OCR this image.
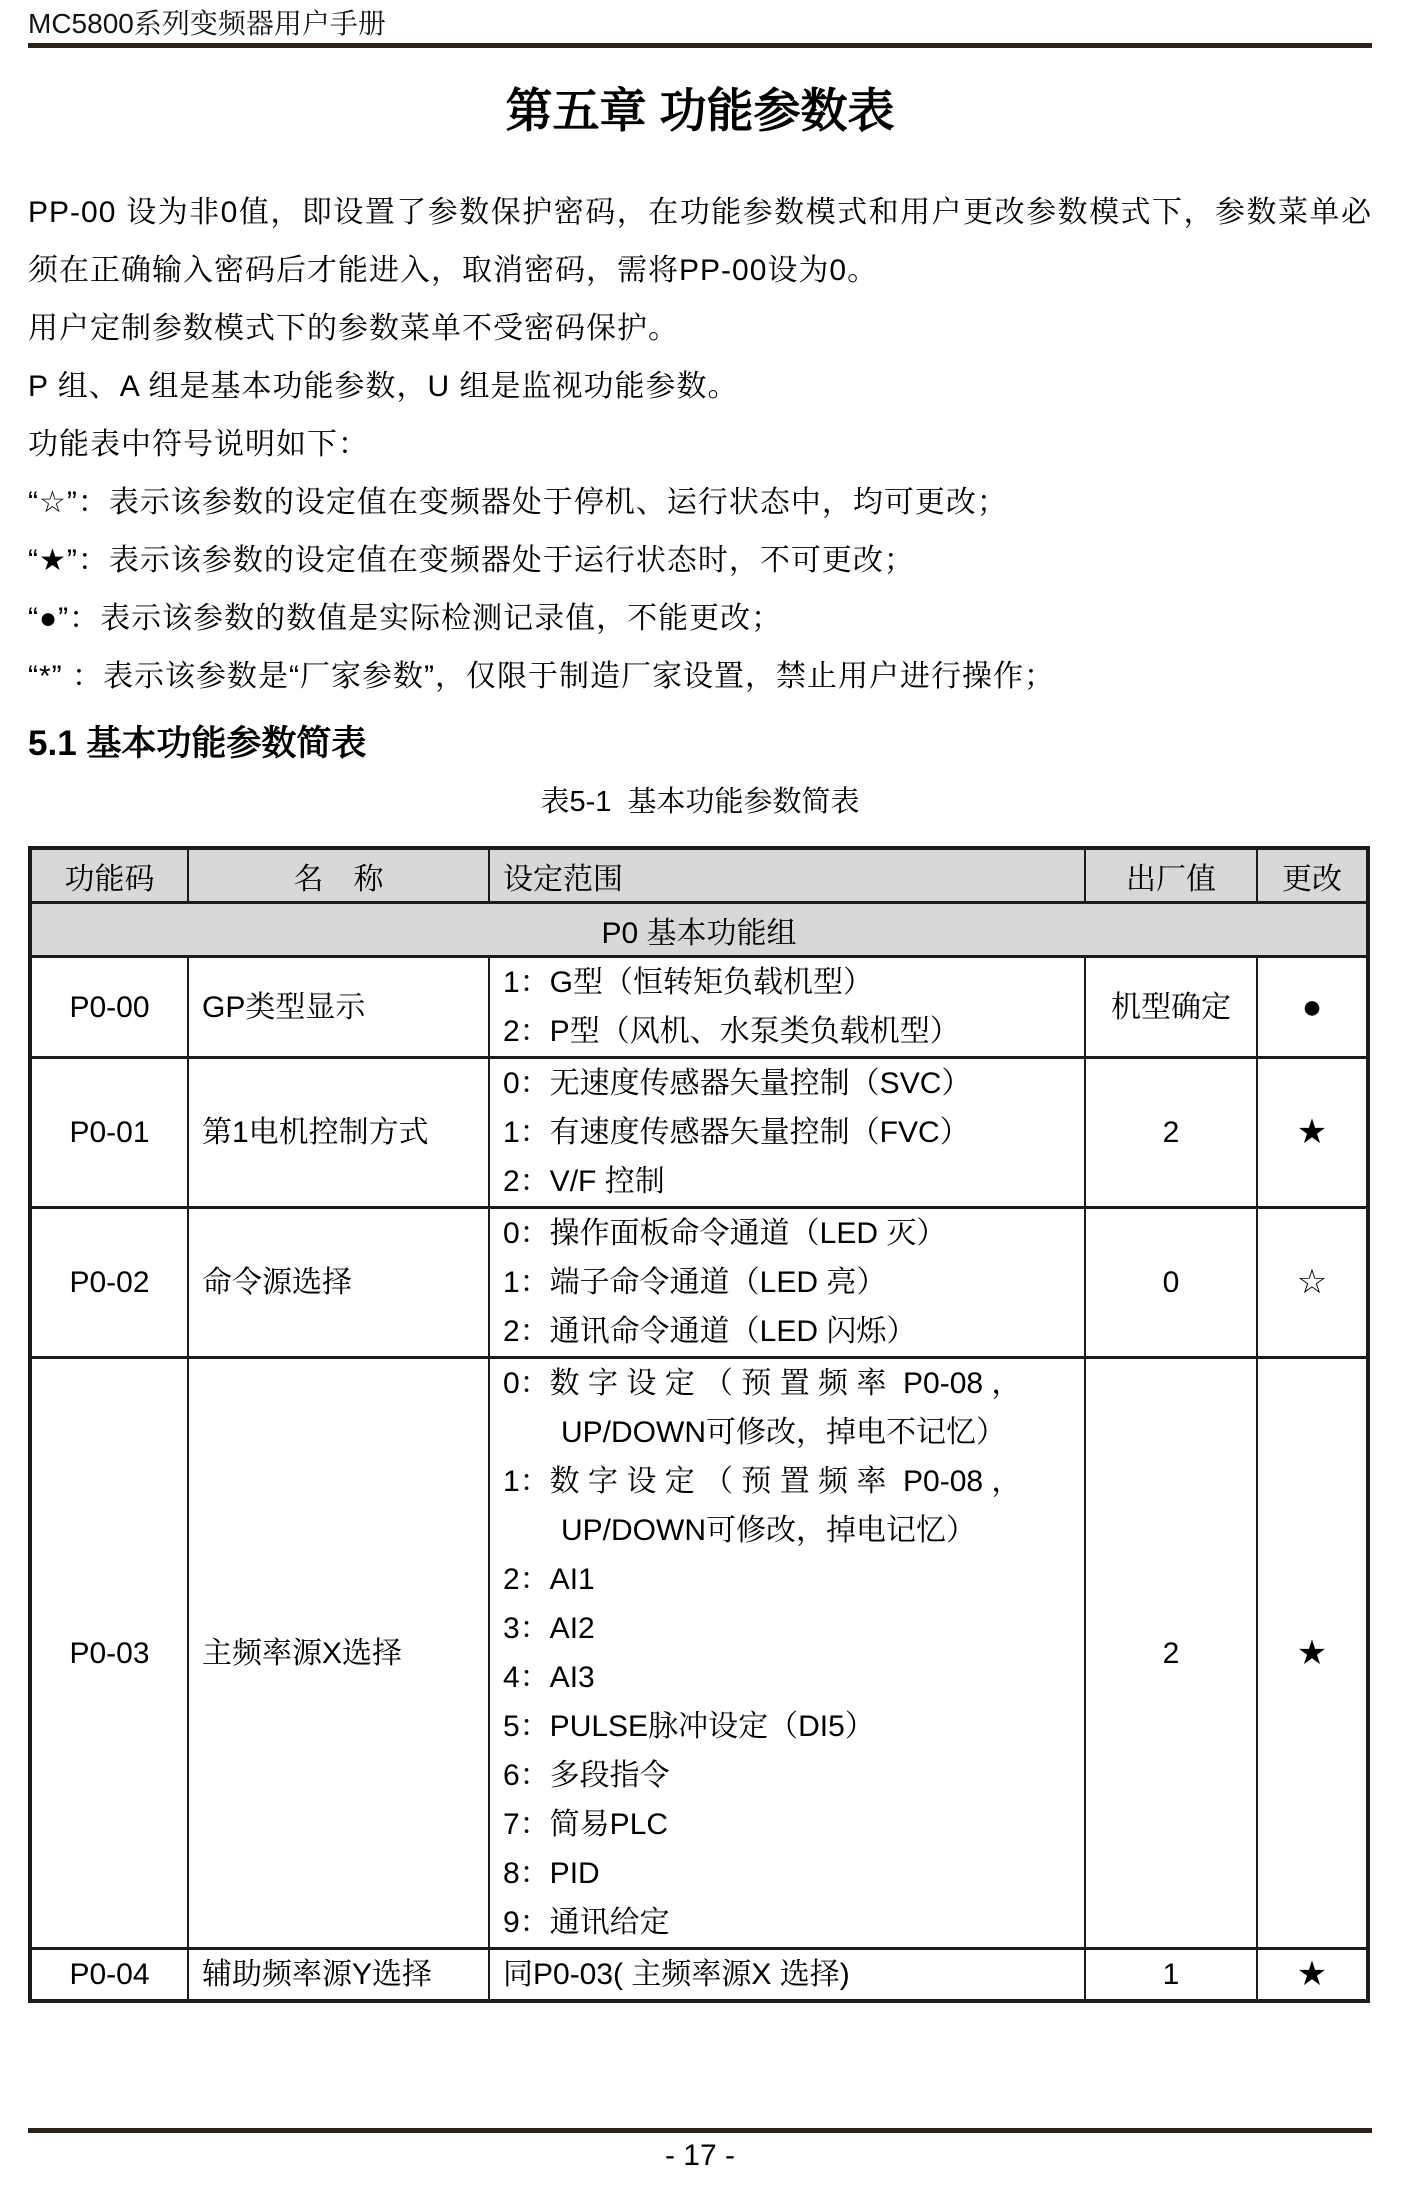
MC5800系列变频器用户手册
第五章 功能参数表

PP-00 设为非0值，即设置了参数保护密码，在功能参数模式和用户更改参数模式下，参数菜单必须在正确输入密码后才能进入，取消密码，需将PP-00设为0。

用户定制参数模式下的参数菜单不受密码保护。

P 组、A 组是基本功能参数，U 组是监视功能参数。

功能表中符号说明如下：

“☆”：表示该参数的设定值在变频器处于停机、运行状态中，均可更改；

“★”：表示该参数的设定值在变频器处于运行状态时，不可更改；

“●”：表示该参数的数值是实际检测记录值，不能更改；

“*” ：表示该参数是“厂家参数”，仅限于制造厂家设置，禁止用户进行操作；

5.1 基本功能参数简表
表5-1  基本功能参数简表
功能码	名　称	设定范围	出厂值	更改
P0 基本功能组				
P0-00	GP类型显示	1：G型（恒转矩负载机型）
2：P型（风机、水泵类负载机型）	机型确定	●
P0-01	第1电机控制方式	0：无速度传感器矢量控制（SVC）
1：有速度传感器矢量控制（FVC）
2：V/F 控制	2	★
P0-02	命令源选择	0：操作面板命令通道（LED 灭）
1：端子命令通道（LED 亮）
2：通讯命令通道（LED 闪烁）	0	☆
P0-03	主频率源X选择	
0：数 字 设 定 （ 预 置 频 率  P0-08 ，
UP/DOWN可修改，掉电不记忆）
1：数 字 设 定 （ 预 置 频 率  P0-08 ，
UP/DOWN可修改，掉电记忆）
2：AI1
3：AI2
4：AI3
5：PULSE脉冲设定（DI5）
6：多段指令
7：简易PLC
8：PID
9：通讯给定
	2	★
P0-04	辅助频率源Y选择	同P0-03( 主频率源X 选择)	1	★
- 17 -
